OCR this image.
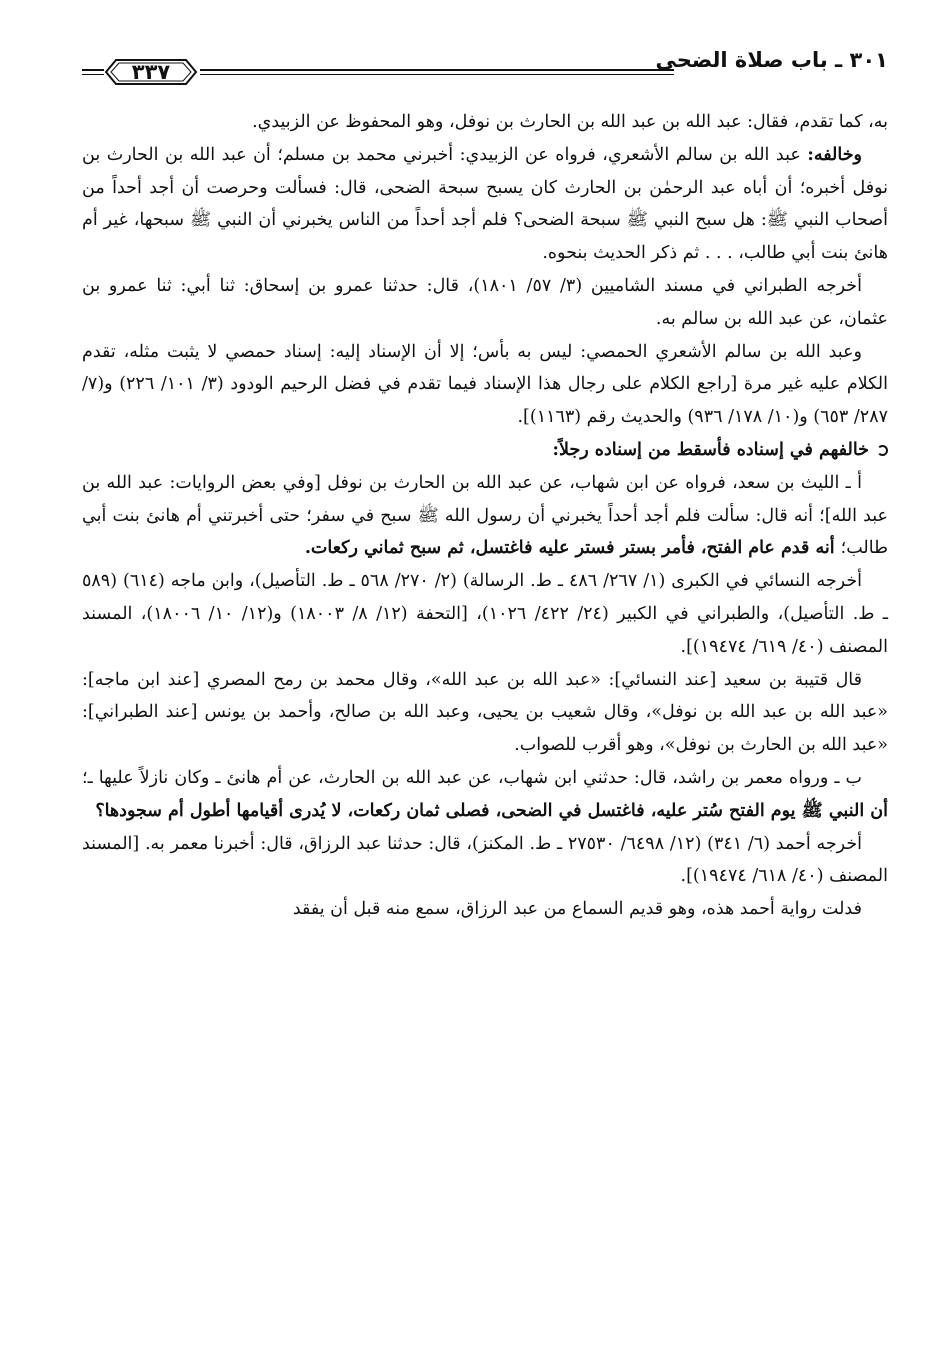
٣٠١ ـ باب صلاة الضحى
٣٣٧

به، كما تقدم، فقال: عبد الله بن عبد الله بن الحارث بن نوفل، وهو المحفوظ عن الزبيدي.

وخالفه: عبد الله بن سالم الأشعري، فرواه عن الزبيدي: أخبرني محمد بن مسلم؛ أن عبد الله بن الحارث بن نوفل أخبره؛ أن أباه عبد الرحمٰن بن الحارث كان يسبح سبحة الضحى، قال: فسألت وحرصت أن أجد أحداً من أصحاب النبي ﷺ: هل سبح النبي ﷺ سبحة الضحى؟ فلم أجد أحداً من الناس يخبرني أن النبي ﷺ سبحها، غير أم هانئ بنت أبي طالب، . . . ثم ذكر الحديث بنحوه.

أخرجه الطبراني في مسند الشاميين (٣/ ٥٧/ ١٨٠١)، قال: حدثنا عمرو بن إسحاق: ثنا أبي: ثنا عمرو بن عثمان، عن عبد الله بن سالم به.

وعبد الله بن سالم الأشعري الحمصي: ليس به بأس؛ إلا أن الإسناد إليه: إسناد حمصي لا يثبت مثله، تقدم الكلام عليه غير مرة [راجع الكلام على رجال هذا الإسناد فيما تقدم في فضل الرحيم الودود (٣/ ١٠١/ ٢٢٦) و(٧/ ٢٨٧/ ٦٥٣) و(١٠/ ١٧٨/ ٩٣٦) والحديث رقم (١١٦٣)].

خالفهم في إسناده فأسقط من إسناده رجلاً:

أ ـ الليث بن سعد، فرواه عن ابن شهاب، عن عبد الله بن الحارث بن نوفل [وفي بعض الروايات: عبد الله بن عبد الله]؛ أنه قال: سألت فلم أجد أحداً يخبرني أن رسول الله ﷺ سبح في سفر؛ حتى أخبرتني أم هانئ بنت أبي طالب؛ أنه قدم عام الفتح، فأمر بستر فستر عليه فاغتسل، ثم سبح ثماني ركعات.

أخرجه النسائي في الكبرى (١/ ٢٦٧/ ٤٨٦ ـ ط. الرسالة) (٢/ ٢٧٠/ ٥٦٨ ـ ط. التأصيل)، وابن ماجه (٦١٤) (٥٨٩ ـ ط. التأصيل)، والطبراني في الكبير (٢٤/ ٤٢٢/ ١٠٢٦)، [التحفة (١٢/ ٨/ ١٨٠٠٣) و(١٢/ ١٠/ ١٨٠٠٦)، المسند المصنف (٤٠/ ٦١٩/ ١٩٤٧٤)].

قال قتيبة بن سعيد [عند النسائي]: «عبد الله بن عبد الله»، وقال محمد بن رمح المصري [عند ابن ماجه]: «عبد الله بن عبد الله بن نوفل»، وقال شعيب بن يحيى، وعبد الله بن صالح، وأحمد بن يونس [عند الطبراني]: «عبد الله بن الحارث بن نوفل»، وهو أقرب للصواب.

ب ـ ورواه معمر بن راشد، قال: حدثني ابن شهاب، عن عبد الله بن الحارث، عن أم هانئ ـ وكان نازلاً عليها ـ؛ أن النبي ﷺ يوم الفتح سُتر عليه، فاغتسل في الضحى، فصلى ثمان ركعات، لا يُدرى أقيامها أطول أم سجودها؟

أخرجه أحمد (٦/ ٣٤١) (١٢/ ٦٤٩٨/ ٢٧٥٣٠ ـ ط. المكنز)، قال: حدثنا عبد الرزاق، قال: أخبرنا معمر به. [المسند المصنف (٤٠/ ٦١٨/ ١٩٤٧٤)].

فدلت رواية أحمد هذه، وهو قديم السماع من عبد الرزاق، سمع منه قبل أن يفقد
